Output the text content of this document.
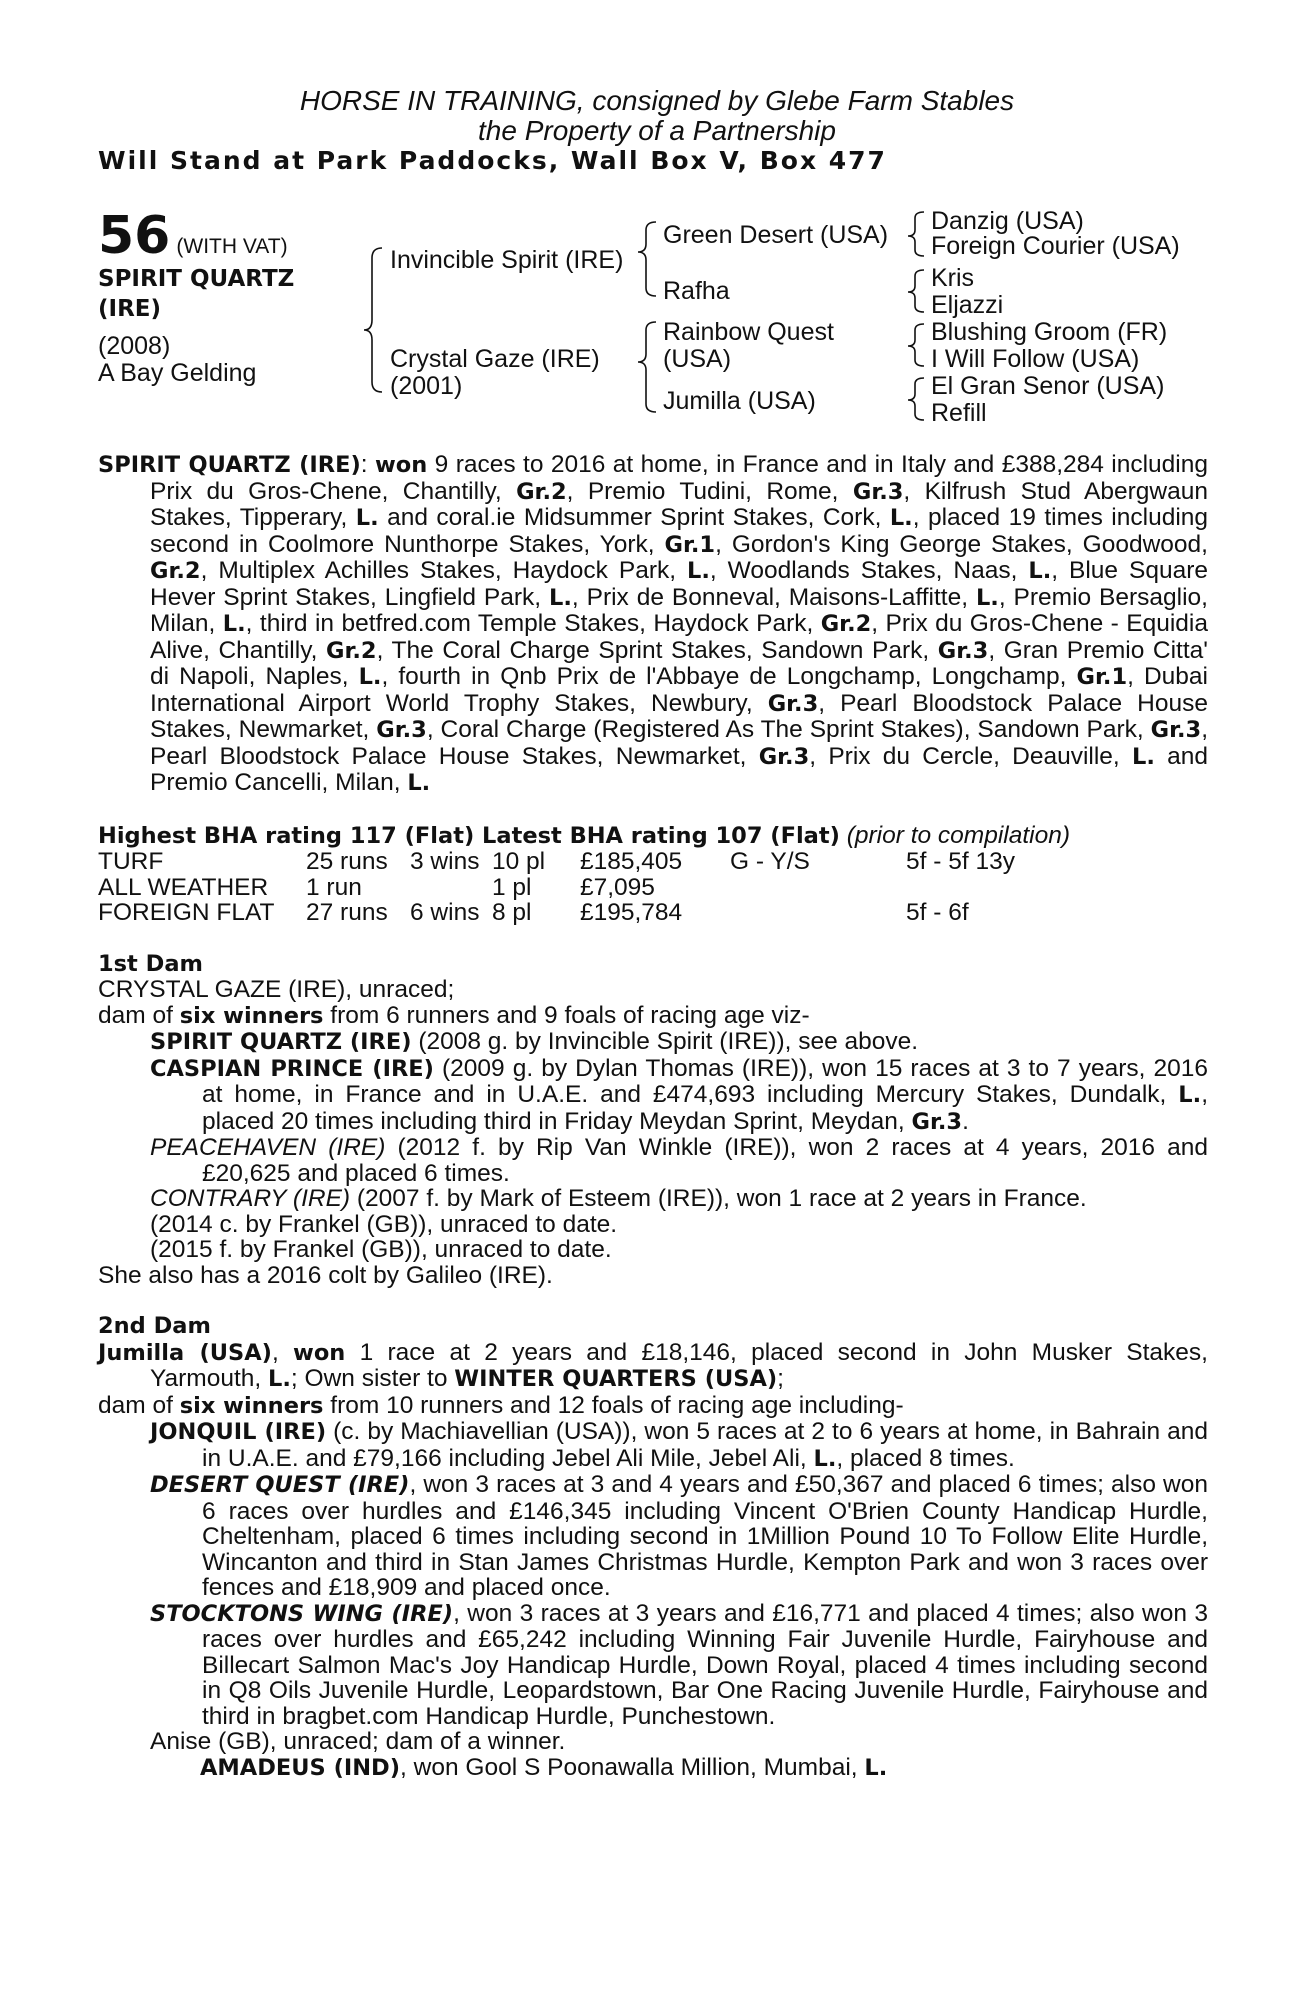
HORSE IN TRAINING, consigned by Glebe Farm Stables
the Property of a Partnership
Will Stand at Park Paddocks, Wall Box V, Box 477
56 (WITH VAT)
SPIRIT QUARTZ
(IRE)
(2008)
A Bay Gelding
Invincible Spirit (IRE)
Crystal Gaze (IRE)
(2001)
Green Desert (USA)
Rafha
Rainbow Quest
(USA)
Jumilla (USA)
Danzig (USA)
Foreign Courier (USA)
Kris
Eljazzi
Blushing Groom (FR)
I Will Follow (USA)
El Gran Senor (USA)
Refill

SPIRIT QUARTZ (IRE): won 9 races to 2016 at home, in France and in Italy and £388,284 including Prix du Gros-Chene, Chantilly, Gr.2, Premio Tudini, Rome, Gr.3, Kilfrush Stud Abergwaun Stakes, Tipperary, L. and coral.ie Midsummer Sprint Stakes, Cork, L., placed 19 times including second in Coolmore Nunthorpe Stakes, York, Gr.1, Gordon's King George Stakes, Goodwood, Gr.2, Multiplex Achilles Stakes, Haydock Park, L., Woodlands Stakes, Naas, L., Blue Square Hever Sprint Stakes, Lingfield Park, L., Prix de Bonneval, Maisons-Laffitte, L., Premio Bersaglio, Milan, L., third in betfred.com Temple Stakes, Haydock Park, Gr.2, Prix du Gros-Chene - Equidia Alive, Chantilly, Gr.2, The Coral Charge Sprint Stakes, Sandown Park, Gr.3, Gran Premio Citta' di Napoli, Naples, L., fourth in Qnb Prix de l'Abbaye de Longchamp, Longchamp, Gr.1, Dubai International Airport World Trophy Stakes, Newbury, Gr.3, Pearl Bloodstock Palace House Stakes, Newmarket, Gr.3, Coral Charge (Registered As The Sprint Stakes), Sandown Park, Gr.3, Pearl Bloodstock Palace House Stakes, Newmarket, Gr.3, Prix du Cercle, Deauville, L. and Premio Cancelli, Milan, L.

Highest BHA rating 117 (Flat) Latest BHA rating 107 (Flat) (prior to compilation)

TURF	25 runs 3 wins 10 pl	£185,405	G - Y/S	5f - 5f 13y
ALL WEATHER	1 run	1 pl	£7,095
FOREIGN FLAT	27 runs 6 wins 8 pl	£195,784	5f - 6f

1st Dam

CRYSTAL GAZE (IRE), unraced;

dam of six winners from 6 runners and 9 foals of racing age viz-

SPIRIT QUARTZ (IRE) (2008 g. by Invincible Spirit (IRE)), see above.

CASPIAN PRINCE (IRE) (2009 g. by Dylan Thomas (IRE)), won 15 races at 3 to 7 years, 2016 at home, in France and in U.A.E. and £474,693 including Mercury Stakes, Dundalk, L., placed 20 times including third in Friday Meydan Sprint, Meydan, Gr.3.

PEACEHAVEN (IRE) (2012 f. by Rip Van Winkle (IRE)), won 2 races at 4 years, 2016 and £20,625 and placed 6 times.

CONTRARY (IRE) (2007 f. by Mark of Esteem (IRE)), won 1 race at 2 years in France.

(2014 c. by Frankel (GB)), unraced to date.

(2015 f. by Frankel (GB)), unraced to date.

She also has a 2016 colt by Galileo (IRE).

2nd Dam

Jumilla (USA), won 1 race at 2 years and £18,146, placed second in John Musker Stakes, Yarmouth, L.; Own sister to WINTER QUARTERS (USA);

dam of six winners from 10 runners and 12 foals of racing age including-

JONQUIL (IRE) (c. by Machiavellian (USA)), won 5 races at 2 to 6 years at home, in Bahrain and in U.A.E. and £79,166 including Jebel Ali Mile, Jebel Ali, L., placed 8 times.

DESERT QUEST (IRE), won 3 races at 3 and 4 years and £50,367 and placed 6 times; also won 6 races over hurdles and £146,345 including Vincent O'Brien County Handicap Hurdle, Cheltenham, placed 6 times including second in 1Million Pound 10 To Follow Elite Hurdle, Wincanton and third in Stan James Christmas Hurdle, Kempton Park and won 3 races over fences and £18,909 and placed once.

STOCKTONS WING (IRE), won 3 races at 3 years and £16,771 and placed 4 times; also won 3 races over hurdles and £65,242 including Winning Fair Juvenile Hurdle, Fairyhouse and Billecart Salmon Mac's Joy Handicap Hurdle, Down Royal, placed 4 times including second in Q8 Oils Juvenile Hurdle, Leopardstown, Bar One Racing Juvenile Hurdle, Fairyhouse and third in bragbet.com Handicap Hurdle, Punchestown.

Anise (GB), unraced; dam of a winner.

AMADEUS (IND), won Gool S Poonawalla Million, Mumbai, L.
